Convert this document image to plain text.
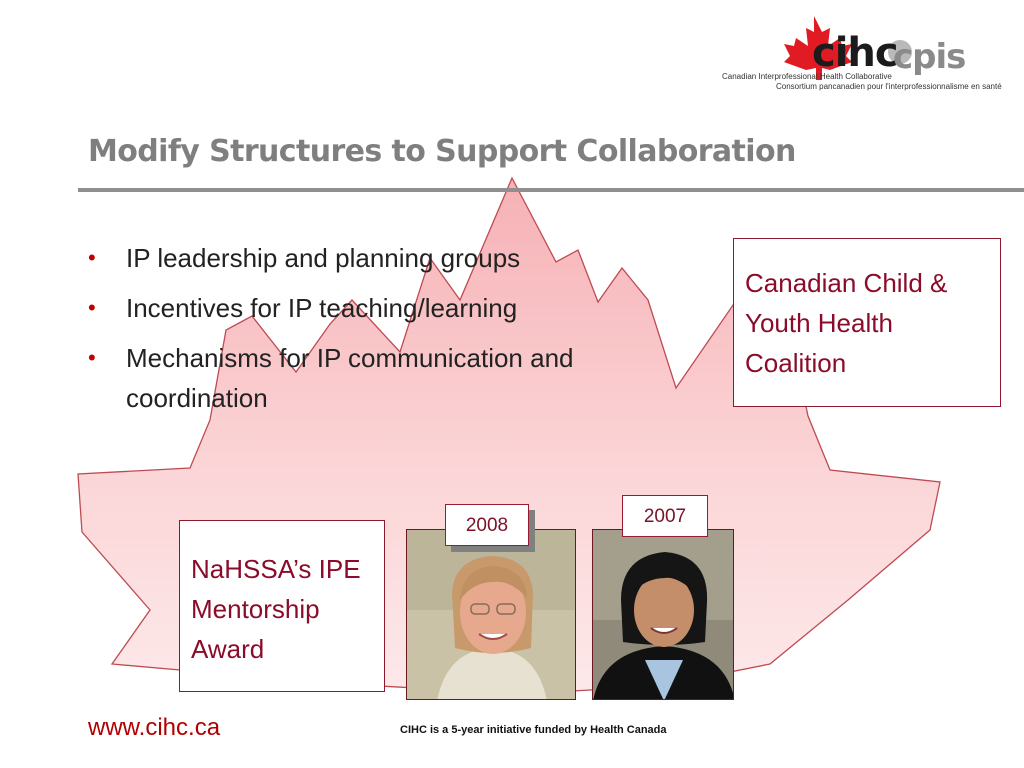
cihc
cpis
Canadian Interprofessional Health Collaborative
Consortium pancanadien pour l'interprofessionnalisme en santé
Modify Structures to Support Collaboration
• IP leadership and planning groups
• Incentives for IP teaching/learning
• Mechanisms for IP communication and coordination
Canadian Child & Youth Health Coalition
NaHSSA’s IPE Mentorship Award
2008	2007
www.cihc.ca	CIHC is a 5-year initiative funded by Health Canada
